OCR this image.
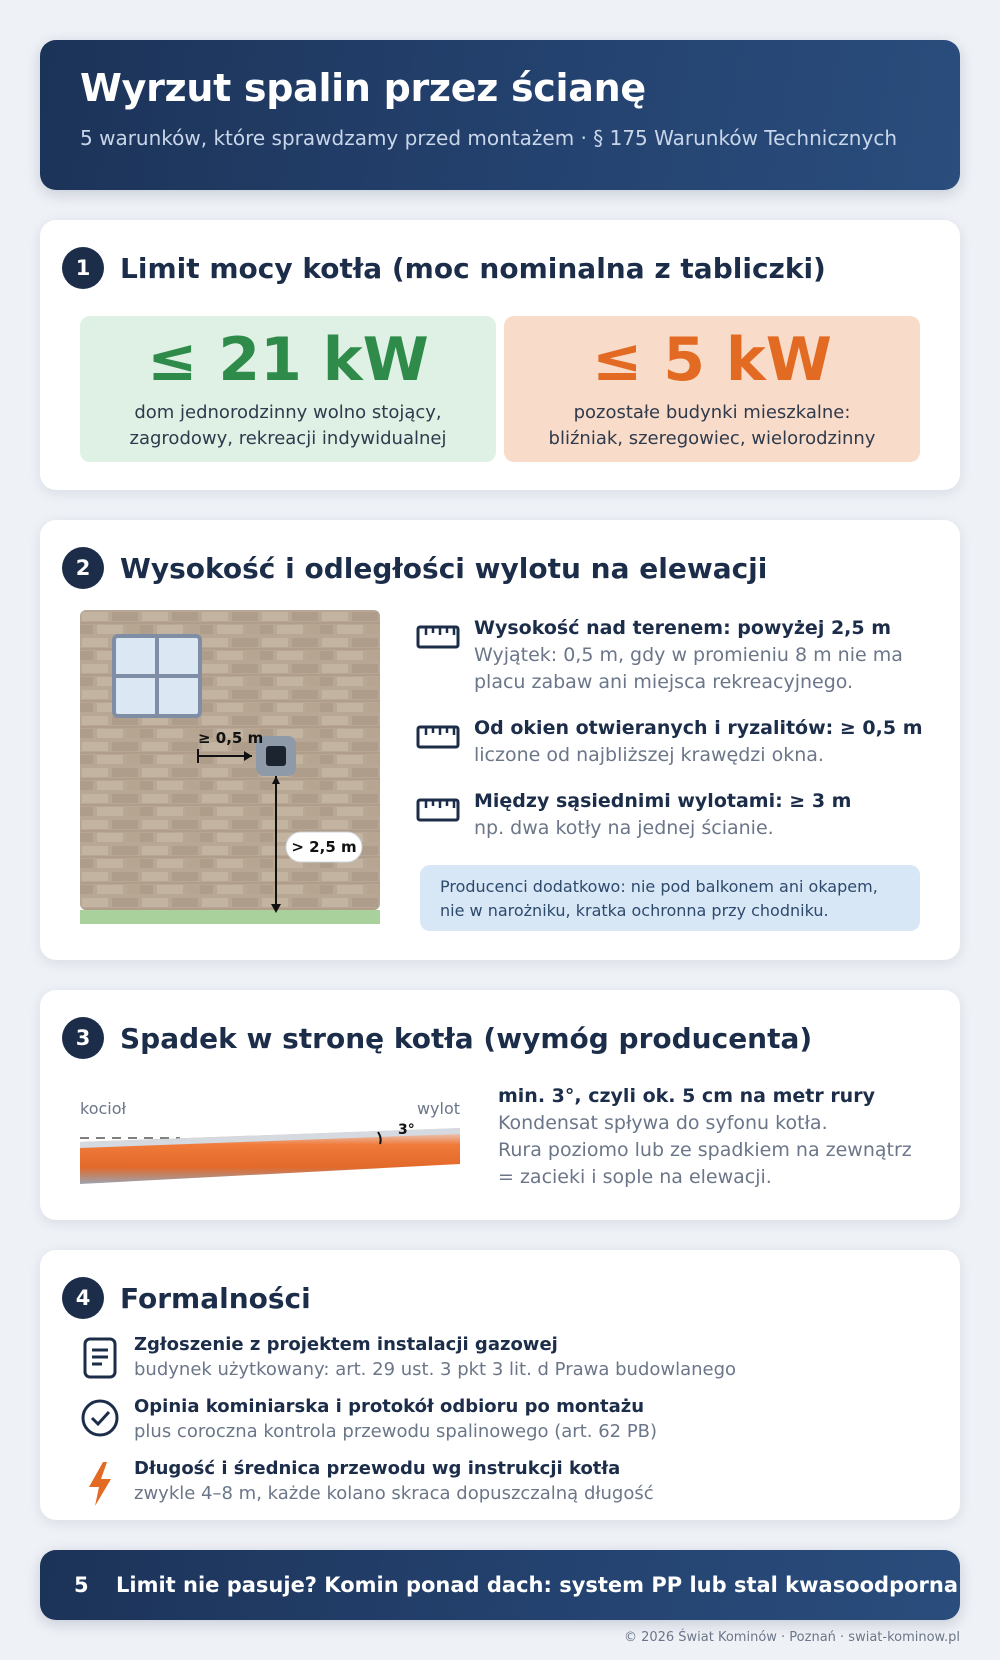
Wyrzut spalin przez ścianę
5 warunków, które sprawdzamy przed montażem · § 175 Warunków Technicznych
1	Limit mocy kotła (moc nominalna z tabliczki)
≤ 21 kW
dom jednorodzinny wolno stojący,
zagrodowy, rekreacji indywidualnej
≤ 5 kW
pozostałe budynki mieszkalne:
bliźniak, szeregowiec, wielorodzinny
2	Wysokość i odległości wylotu na elewacji
≥ 0,5 m
> 2,5 m
Wysokość nad terenem: powyżej 2,5 m
Wyjątek: 0,5 m, gdy w promieniu 8 m nie ma
placu zabaw ani miejsca rekreacyjnego.
Od okien otwieranych i ryzalitów: ≥ 0,5 m
liczone od najbliższej krawędzi okna.
Między sąsiednimi wylotami: ≥ 3 m
np. dwa kotły na jednej ścianie.
Producenci dodatkowo: nie pod balkonem ani okapem,
nie w narożniku, kratka ochronna przy chodniku.
3	Spadek w stronę kotła (wymóg producenta)
kocioł	wylot
3°
min. 3°, czyli ok. 5 cm na metr rury
Kondensat spływa do syfonu kotła.
Rura poziomo lub ze spadkiem na zewnątrz
= zacieki i sople na elewacji.
4	Formalności
Zgłoszenie z projektem instalacji gazowej
budynek użytkowany: art. 29 ust. 3 pkt 3 lit. d Prawa budowlanego
Opinia kominiarska i protokół odbioru po montażu
plus coroczna kontrola przewodu spalinowego (art. 62 PB)
Długość i średnica przewodu wg instrukcji kotła
zwykle 4–8 m, każde kolano skraca dopuszczalną długość
5	Limit nie pasuje? Komin ponad dach: system PP lub stal kwasoodporna
© 2026 Świat Kominów · Poznań · swiat-kominow.pl
